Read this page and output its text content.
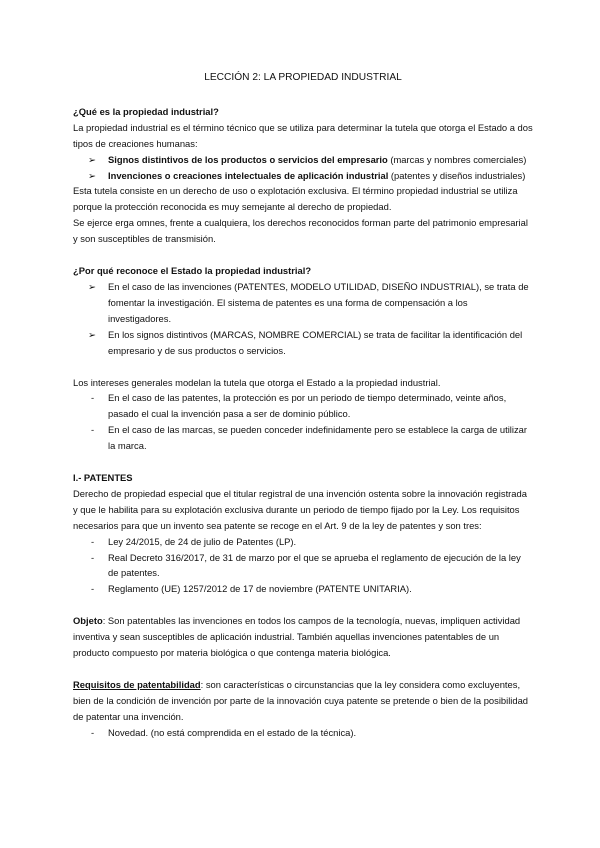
LECCIÓN 2: LA PROPIEDAD INDUSTRIAL

¿Qué es la propiedad industrial?

La propiedad industrial es el término técnico que se utiliza para determinar la tutela que otorga el Estado a dos tipos de creaciones humanas:

➢ Signos distintivos de los productos o servicios del empresario (marcas y nombres comerciales)
➢ Invenciones o creaciones intelectuales de aplicación industrial (patentes y diseños industriales)

Esta tutela consiste en un derecho de uso o explotación exclusiva. El término propiedad industrial se utiliza porque la protección reconocida es muy semejante al derecho de propiedad.

Se ejerce erga omnes, frente a cualquiera, los derechos reconocidos forman parte del patrimonio empresarial y son susceptibles de transmisión.

¿Por qué reconoce el Estado la propiedad industrial?

➢ En el caso de las invenciones (PATENTES, MODELO UTILIDAD, DISEÑO INDUSTRIAL), se trata de fomentar la investigación. El sistema de patentes es una forma de compensación a los investigadores.
➢ En los signos distintivos (MARCAS, NOMBRE COMERCIAL) se trata de facilitar la identificación del empresario y de sus productos o servicios.

Los intereses generales modelan la tutela que otorga el Estado a la propiedad industrial.

- En el caso de las patentes, la protección es por un periodo de tiempo determinado, veinte años, pasado el cual la invención pasa a ser de dominio público.
- En el caso de las marcas, se pueden conceder indefinidamente pero se establece la carga de utilizar la marca.

I.- PATENTES

Derecho de propiedad especial que el titular registral de una invención ostenta sobre la innovación registrada y que le habilita para su explotación exclusiva durante un periodo de tiempo fijado por la Ley. Los requisitos necesarios para que un invento sea patente se recoge en el Art. 9 de la ley de patentes y son tres:

- Ley 24/2015, de 24 de julio de Patentes (LP).
- Real Decreto 316/2017, de 31 de marzo por el que se aprueba el reglamento de ejecución de la ley de patentes.
- Reglamento (UE) 1257/2012 de 17 de noviembre (PATENTE UNITARIA).

Objeto: Son patentables las invenciones en todos los campos de la tecnología, nuevas, impliquen actividad inventiva y sean susceptibles de aplicación industrial. También aquellas invenciones patentables de un producto compuesto por materia biológica o que contenga materia biológica.

Requisitos de patentabilidad: son características o circunstancias que la ley considera como excluyentes, bien de la condición de invención por parte de la innovación cuya patente se pretende o bien de la posibilidad de patentar una invención.

- Novedad. (no está comprendida en el estado de la técnica).
